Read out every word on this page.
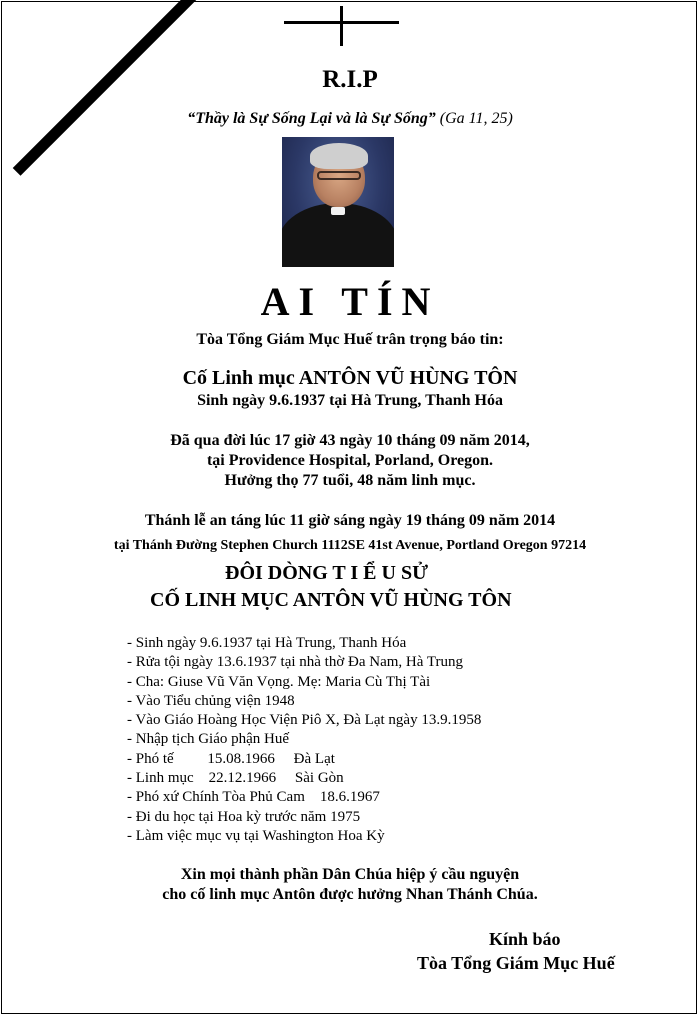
R.I.P
“Thầy là Sự Sống Lại và là Sự Sống” (Ga 11, 25)
AI TÍN
Tòa Tổng Giám Mục Huế trân trọng báo tin:
Cố Linh mục ANTÔN VŨ HÙNG TÔN
Sinh ngày 9.6.1937 tại Hà Trung, Thanh Hóa
Đã qua đời lúc 17 giờ 43 ngày 10 tháng 09 năm 2014,
tại Providence Hospital, Porland, Oregon.
Hưởng thọ 77 tuổi, 48 năm linh mục.
Thánh lễ an táng lúc 11 giờ sáng ngày 19 tháng 09 năm 2014
tại Thánh Đường Stephen Church 1112SE 41st Avenue, Portland Oregon 97214
ĐÔI DÒNG T I Ể U SỬ
CỐ LINH MỤC ANTÔN VŨ HÙNG TÔN
- Sinh ngày 9.6.1937 tại Hà Trung, Thanh Hóa
- Rửa tội ngày 13.6.1937 tại nhà thờ Đa Nam, Hà Trung
- Cha: Giuse Vũ Văn Vọng. Mẹ: Maria Cù Thị Tài
- Vào Tiểu chủng viện 1948
- Vào Giáo Hoàng Học Viện Piô X, Đà Lạt ngày 13.9.1958
- Nhập tịch Giáo phận Huế
- Phó tế         15.08.1966     Đà Lạt
- Linh mục    22.12.1966     Sài Gòn
- Phó xứ Chính Tòa Phủ Cam    18.6.1967
- Đi du học tại Hoa kỳ trước năm 1975
- Làm việc mục vụ tại Washington Hoa Kỳ
Xin mọi thành phần Dân Chúa hiệp ý cầu nguyện
cho cố linh mục Antôn được hưởng Nhan Thánh Chúa.
Kính báo
Tòa Tổng Giám Mục Huế
